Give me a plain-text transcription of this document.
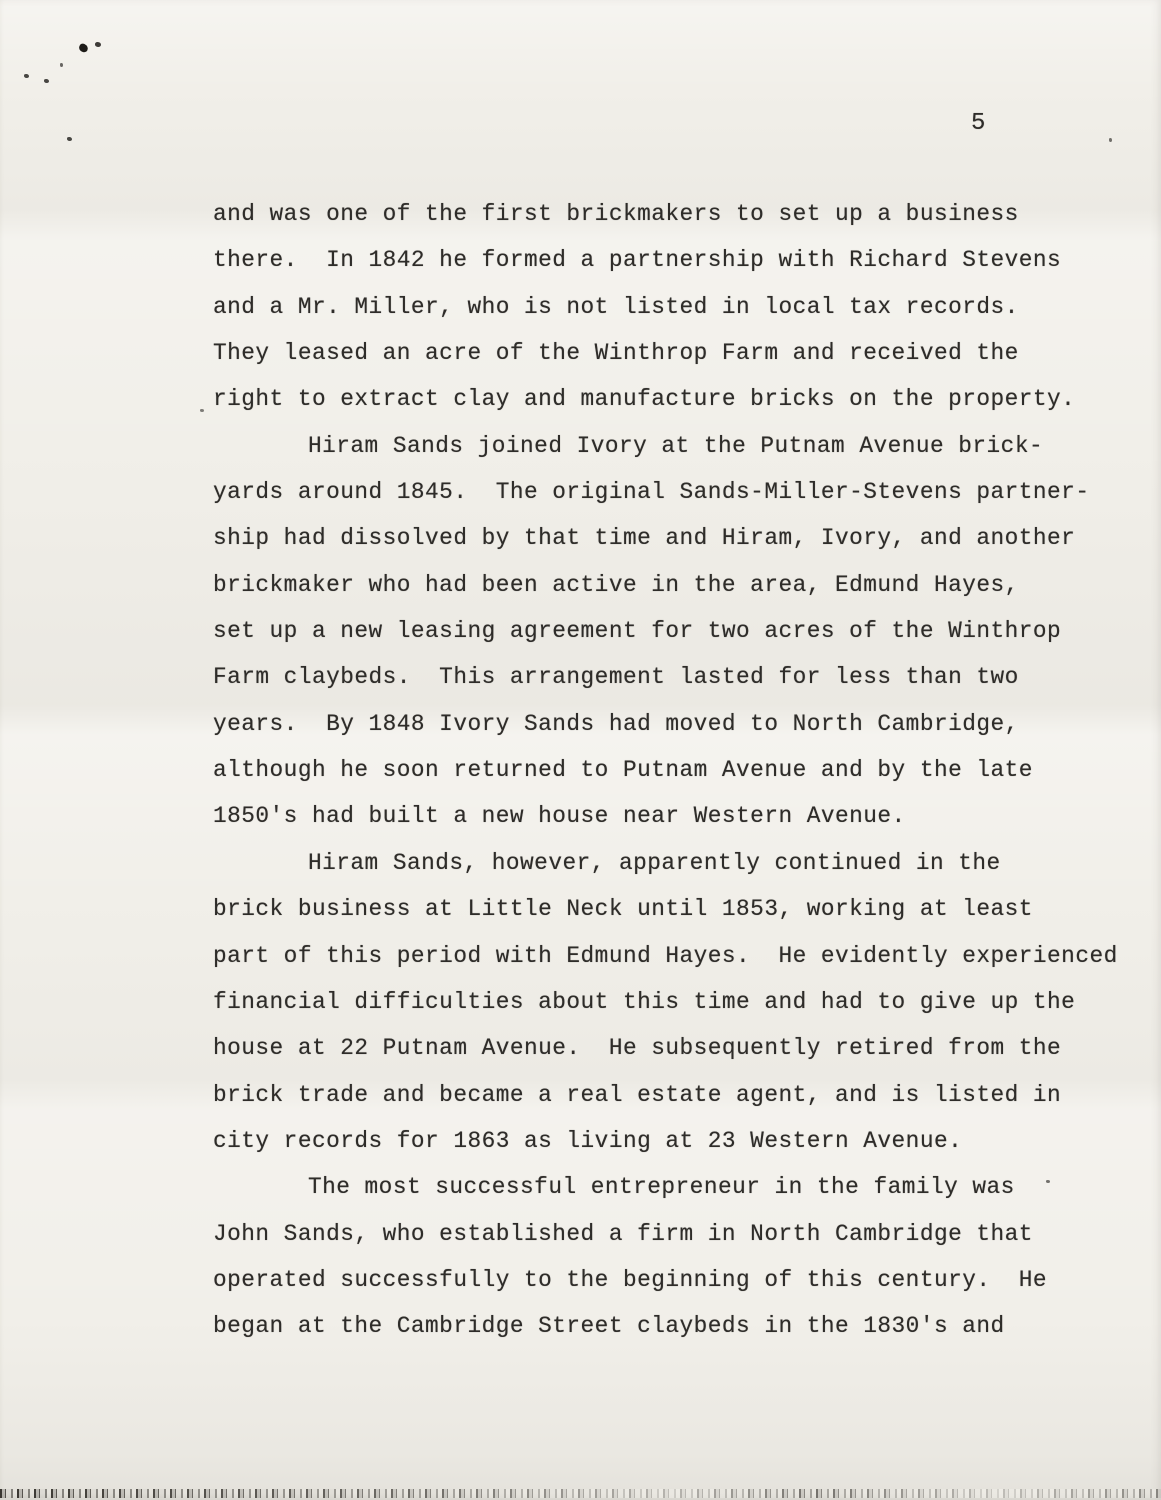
5
and was one of the first brickmakers to set up a business
there.  In 1842 he formed a partnership with Richard Stevens
and a Mr. Miller, who is not listed in local tax records.
They leased an acre of the Winthrop Farm and received the
right to extract clay and manufacture bricks on the property.
Hiram Sands joined Ivory at the Putnam Avenue brick-
yards around 1845.  The original Sands-Miller-Stevens partner-
ship had dissolved by that time and Hiram, Ivory, and another
brickmaker who had been active in the area, Edmund Hayes,
set up a new leasing agreement for two acres of the Winthrop
Farm claybeds.  This arrangement lasted for less than two
years.  By 1848 Ivory Sands had moved to North Cambridge,
although he soon returned to Putnam Avenue and by the late
1850's had built a new house near Western Avenue.
Hiram Sands, however, apparently continued in the
brick business at Little Neck until 1853, working at least
part of this period with Edmund Hayes.  He evidently experienced
financial difficulties about this time and had to give up the
house at 22 Putnam Avenue.  He subsequently retired from the
brick trade and became a real estate agent, and is listed in
city records for 1863 as living at 23 Western Avenue.
The most successful entrepreneur in the family was
John Sands, who established a firm in North Cambridge that
operated successfully to the beginning of this century.  He
began at the Cambridge Street claybeds in the 1830's and
